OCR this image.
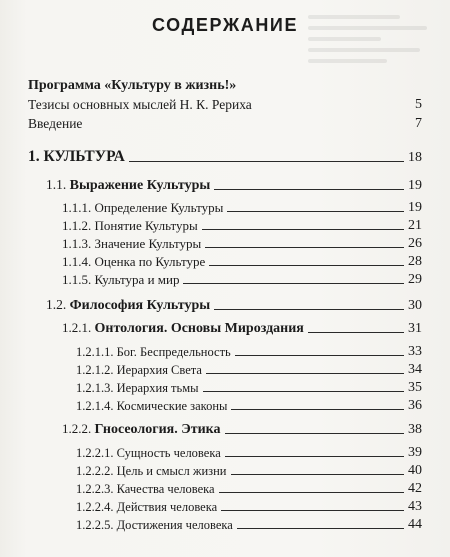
СОДЕРЖАНИЕ
Программа «Культуру в жизнь!»
Тезисы основных мыслей Н. К. Рериха	5
Введение	7
1. КУЛЬТУРА	18
1.1. Выражение Культуры	19
1.1.1. Определение Культуры	19
1.1.2. Понятие Культуры	21
1.1.3. Значение Культуры	26
1.1.4. Оценка по Культуре	28
1.1.5. Культура и мир	29
1.2. Философия Культуры	30
1.2.1. Онтология. Основы Мироздания	31
1.2.1.1. Бог. Беспредельность	33
1.2.1.2. Иерархия Света	34
1.2.1.3. Иерархия тьмы	35
1.2.1.4. Космические законы	36
1.2.2. Гносеология. Этика	38
1.2.2.1. Сущность человека	39
1.2.2.2. Цель и смысл жизни	40
1.2.2.3. Качества человека	42
1.2.2.4. Действия человека	43
1.2.2.5. Достижения человека	44
